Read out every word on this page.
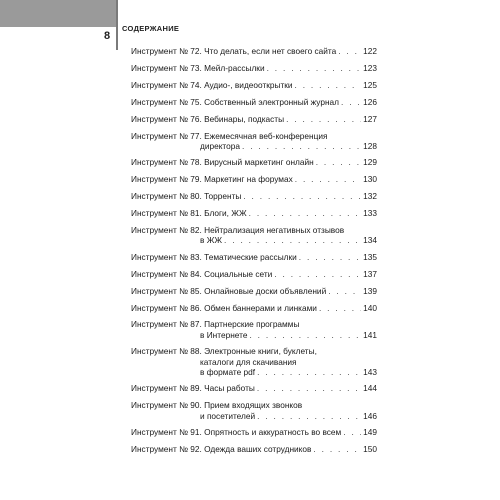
8
СОДЕРЖАНИЕ
Инструмент № 72. Что делать, если нет своего сайта . . .	122
Инструмент № 73. Мейл-рассылки . . .	123
Инструмент № 74. Аудио-, видеооткрытки . . .	125
Инструмент № 75. Собственный электронный журнал . . .	126
Инструмент № 76. Вебинары, подкасты . . .	127
Инструмент № 77. Ежемесячная веб-конференция
директора . . .	128
Инструмент № 78. Вирусный маркетинг онлайн . . .	129
Инструмент № 79. Маркетинг на форумах . . .	130
Инструмент № 80. Торренты . . .	132
Инструмент № 81. Блоги, ЖЖ . . .	133
Инструмент № 82. Нейтрализация негативных отзывов
в ЖЖ . . .	134
Инструмент № 83. Тематические рассылки . . .	135
Инструмент № 84. Социальные сети . . .	137
Инструмент № 85. Онлайновые доски объявлений . . .	139
Инструмент № 86. Обмен баннерами и линками . . .	140
Инструмент № 87. Партнерские программы
в Интернете . . .	141
Инструмент № 88. Электронные книги, буклеты,
каталоги для скачивания
в формате pdf . . .	143
Инструмент № 89. Часы работы . . .	144
Инструмент № 90. Прием входящих звонков
и посетителей . . .	146
Инструмент № 91. Опрятность и аккуратность во всем . . .	149
Инструмент № 92. Одежда ваших сотрудников . . .	150
